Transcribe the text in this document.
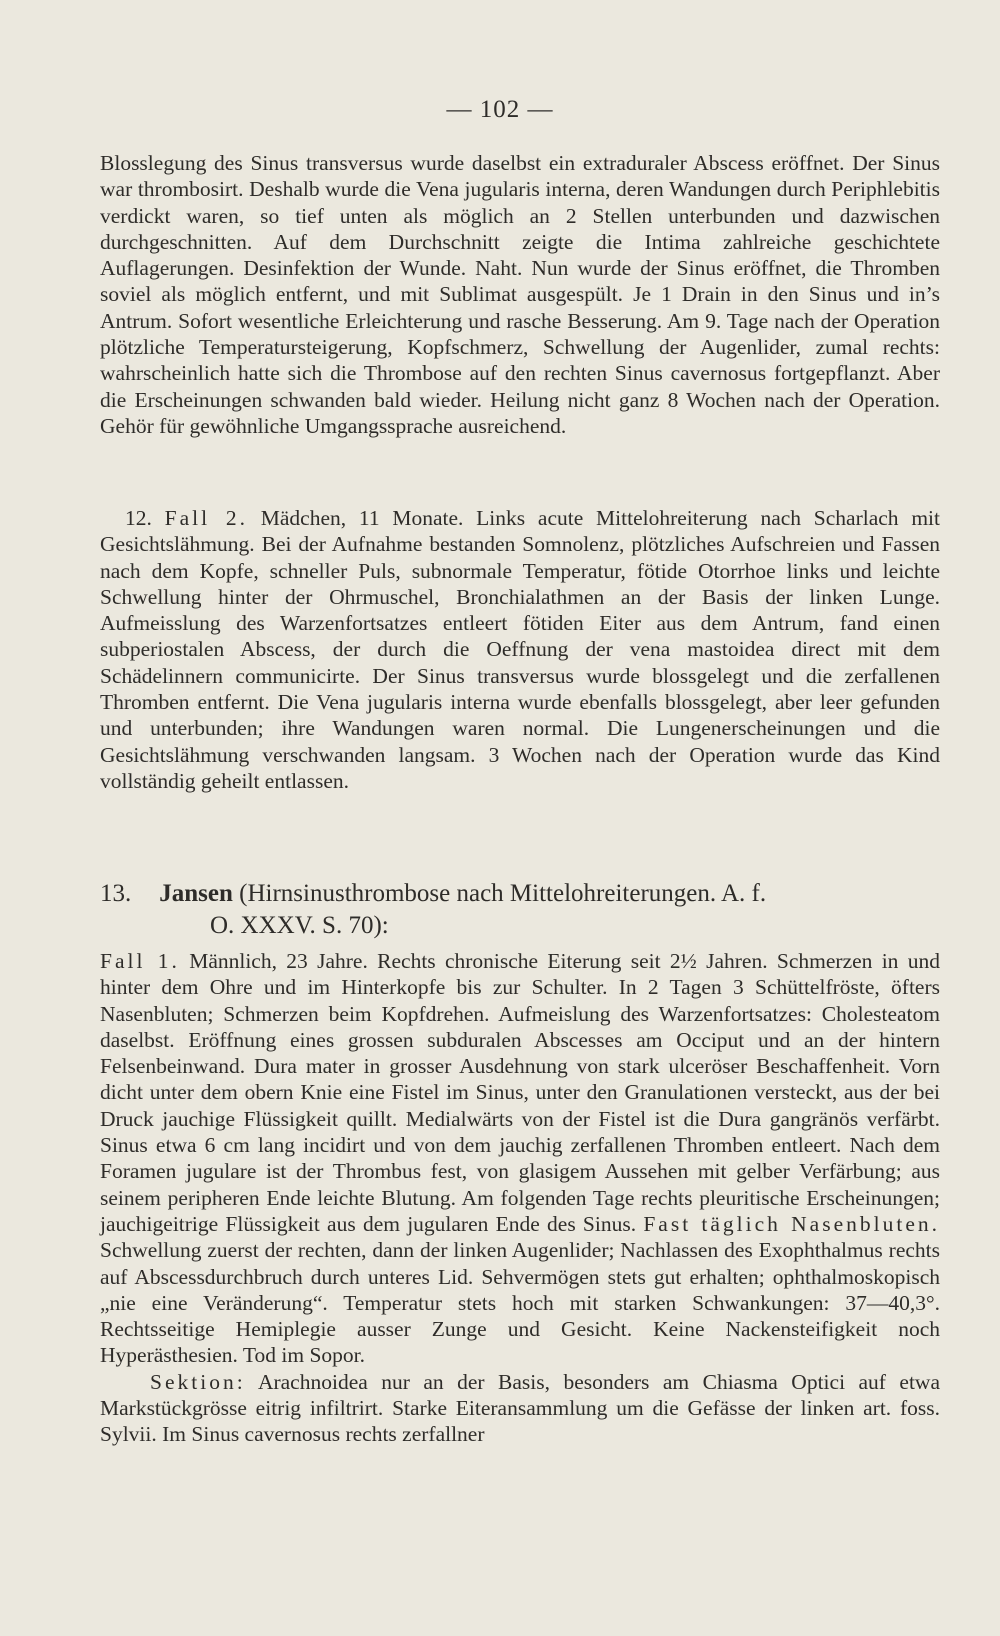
— 102 —

Blosslegung des Sinus transversus wurde daselbst ein extraduraler Abscess eröffnet. Der Sinus war thrombosirt. Deshalb wurde die Vena jugularis interna, deren Wandungen durch Periphlebitis verdickt waren, so tief unten als möglich an 2 Stellen unterbunden und dazwischen durchgeschnitten. Auf dem Durchschnitt zeigte die Intima zahlreiche geschichtete Auflagerungen. Desinfektion der Wunde. Naht. Nun wurde der Sinus eröffnet, die Thromben soviel als möglich entfernt, und mit Sublimat ausgespült. Je 1 Drain in den Sinus und in’s Antrum. Sofort wesentliche Erleichterung und rasche Besserung. Am 9. Tage nach der Operation plötzliche Temperatursteigerung, Kopfschmerz, Schwellung der Augenlider, zumal rechts: wahrscheinlich hatte sich die Thrombose auf den rechten Sinus cavernosus fortgepflanzt. Aber die Erscheinungen schwanden bald wieder. Heilung nicht ganz 8 Wochen nach der Operation. Gehör für gewöhnliche Umgangssprache ausreichend.

12. Fall 2. Mädchen, 11 Monate. Links acute Mittelohreiterung nach Scharlach mit Gesichtslähmung. Bei der Aufnahme bestanden Somnolenz, plötzliches Aufschreien und Fassen nach dem Kopfe, schneller Puls, subnormale Temperatur, fötide Otorrhoe links und leichte Schwellung hinter der Ohrmuschel, Bronchialathmen an der Basis der linken Lunge. Aufmeisslung des Warzenfortsatzes entleert fötiden Eiter aus dem Antrum, fand einen subperiostalen Abscess, der durch die Oeffnung der vena mastoidea direct mit dem Schädelinnern communicirte. Der Sinus transversus wurde blossgelegt und die zerfallenen Thromben entfernt. Die Vena jugularis interna wurde ebenfalls blossgelegt, aber leer gefunden und unterbunden; ihre Wandungen waren normal. Die Lungenerscheinungen und die Gesichtslähmung verschwanden langsam. 3 Wochen nach der Operation wurde das Kind vollständig geheilt entlassen.

13. Jansen (Hirnsinusthrombose nach Mittelohreiterungen. A. f.
O. XXXV. S. 70):

Fall 1. Männlich, 23 Jahre. Rechts chronische Eiterung seit 2½ Jahren. Schmerzen in und hinter dem Ohre und im Hinterkopfe bis zur Schulter. In 2 Tagen 3 Schüttelfröste, öfters Nasenbluten; Schmerzen beim Kopfdrehen. Aufmeislung des Warzenfortsatzes: Cholesteatom daselbst. Eröffnung eines grossen subduralen Abscesses am Occiput und an der hintern Felsenbeinwand. Dura mater in grosser Ausdehnung von stark ulceröser Beschaffenheit. Vorn dicht unter dem obern Knie eine Fistel im Sinus, unter den Granulationen versteckt, aus der bei Druck jauchige Flüssigkeit quillt. Medialwärts von der Fistel ist die Dura gangränös verfärbt. Sinus etwa 6 cm lang incidirt und von dem jauchig zerfallenen Thromben entleert. Nach dem Foramen jugulare ist der Thrombus fest, von glasigem Aussehen mit gelber Verfärbung; aus seinem peripheren Ende leichte Blutung. Am folgenden Tage rechts pleuritische Erscheinungen; jauchigeitrige Flüssigkeit aus dem jugularen Ende des Sinus. Fast täglich Nasenbluten. Schwellung zuerst der rechten, dann der linken Augenlider; Nachlassen des Exophthalmus rechts auf Abscessdurchbruch durch unteres Lid. Sehvermögen stets gut erhalten; ophthalmoskopisch „nie eine Veränderung“. Temperatur stets hoch mit starken Schwankungen: 37—40,3°. Rechtsseitige Hemiplegie ausser Zunge und Gesicht. Keine Nackensteifigkeit noch Hyperästhesien. Tod im Sopor.

Sektion: Arachnoidea nur an der Basis, besonders am Chiasma Optici auf etwa Markstückgrösse eitrig infiltrirt. Starke Eiteransammlung um die Gefässe der linken art. foss. Sylvii. Im Sinus cavernosus rechts zerfallner
